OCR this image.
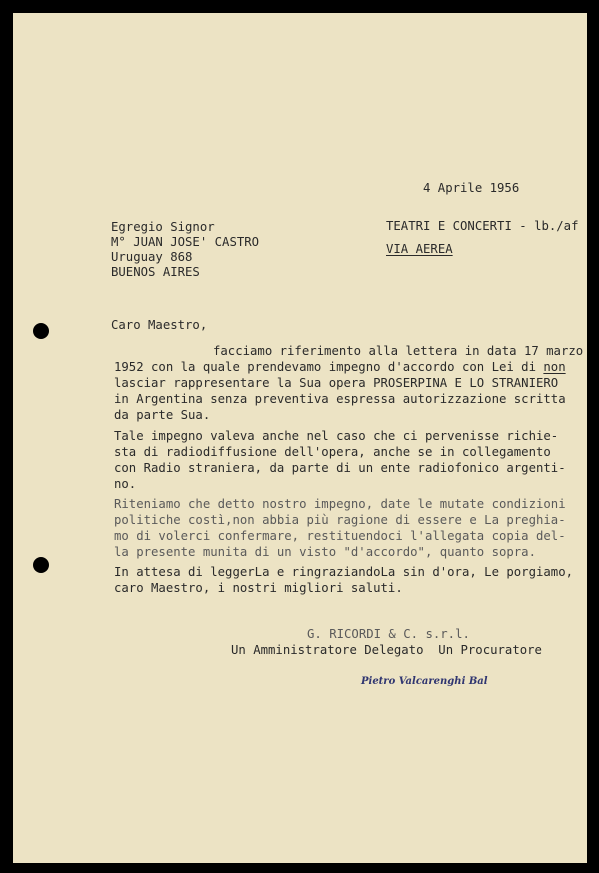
4 Aprile 1956

Egregio Signor

M° JUAN JOSE' CASTRO

Uruguay 868

BUENOS AIRES

TEATRI E CONCERTI - lb./af

VIA AEREA

Caro Maestro,

facciamo riferimento alla lettera in data 17 marzo

1952 con la quale prendevamo impegno d'accordo con Lei di non

lasciar rappresentare la Sua opera PROSERPINA E LO STRANIERO

in Argentina senza preventiva espressa autorizzazione scritta

da parte Sua.

Tale impegno valeva anche nel caso che ci pervenisse richie-

sta di radiodiffusione dell'opera, anche se in collegamento

con Radio straniera, da parte di un ente radiofonico argenti-

no.

Riteniamo che detto nostro impegno, date le mutate condizioni

politiche costì,non abbia più ragione di essere e La preghia-

mo di volerci confermare, restituendoci l'allegata copia del-

la presente munita di un visto "d'accordo", quanto sopra.

In attesa di leggerLa e ringraziandoLa sin d'ora, Le porgiamo,

caro Maestro, i nostri migliori saluti.

G. RICORDI & C. s.r.l.

Un Amministratore Delegato  Un Procuratore

Pietro Valcarenghi Bal
